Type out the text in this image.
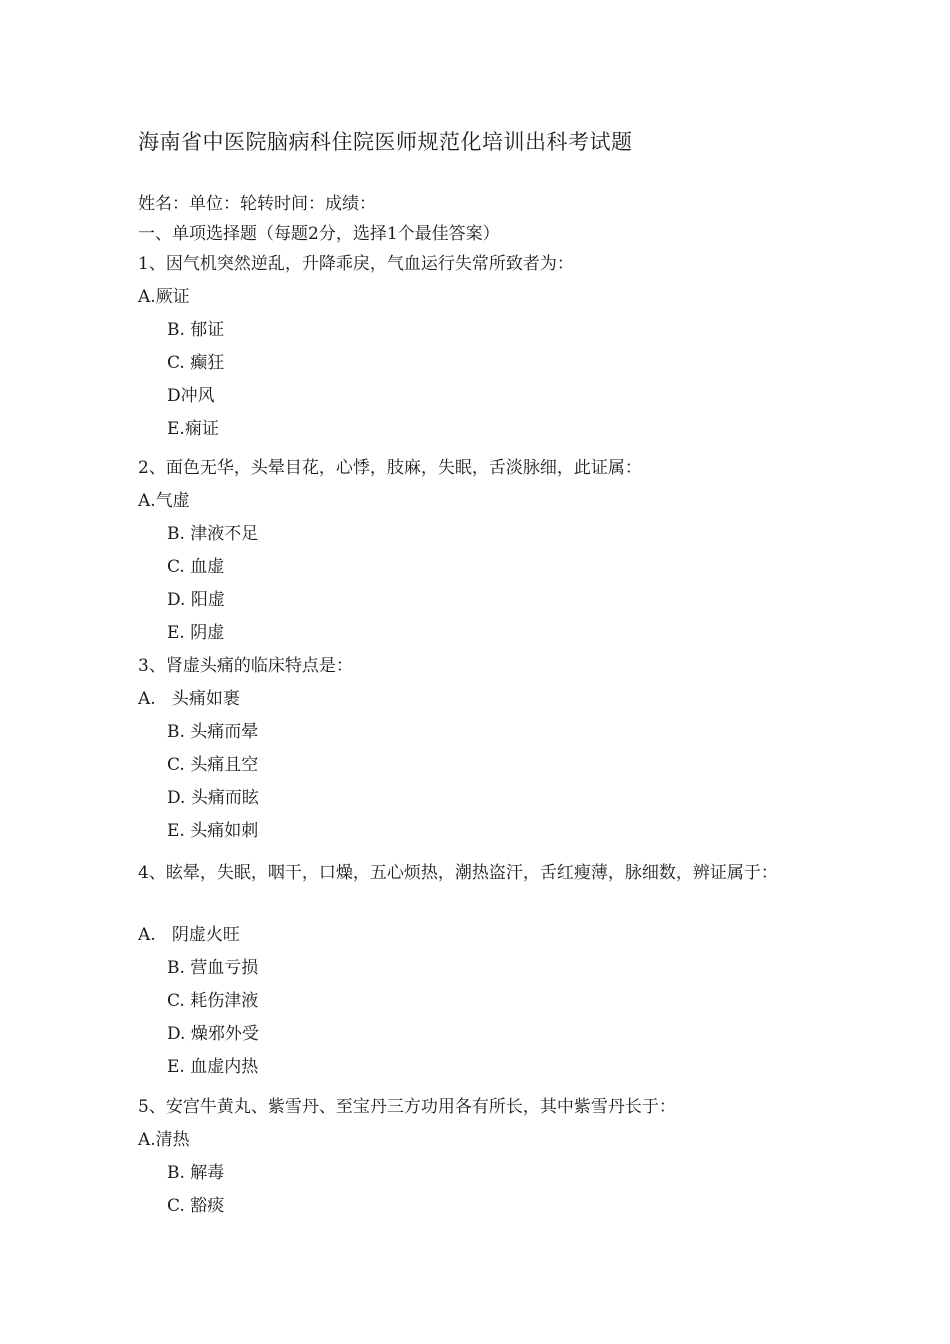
海南省中医院脑病科住院医师规范化培训出科考试题
姓名：单位：轮转时间：成绩：
一、单项选择题（每题2分，选择1个最佳答案）
1、因气机突然逆乱，升降乖戾，气血运行失常所致者为：
A.厥证
B. 郁证
C. 癫狂
D冲风
E.痫证
2、面色无华，头晕目花，心悸，肢麻，失眠，舌淡脉细，此证属：
A.气虚
B. 津液不足
C. 血虚
D. 阳虚
E. 阴虚
3、肾虚头痛的临床特点是：
A.   头痛如裹
B. 头痛而晕
C. 头痛且空
D. 头痛而眩
E. 头痛如刺
4、眩晕，失眠，咽干，口燥，五心烦热，潮热盗汗，舌红瘦薄，脉细数，辨证属于：
A.   阴虚火旺
B. 营血亏损
C. 耗伤津液
D. 燥邪外受
E. 血虚内热
5、安宫牛黄丸、紫雪丹、至宝丹三方功用各有所长，其中紫雪丹长于：
A.清热
B. 解毒
C. 豁痰
